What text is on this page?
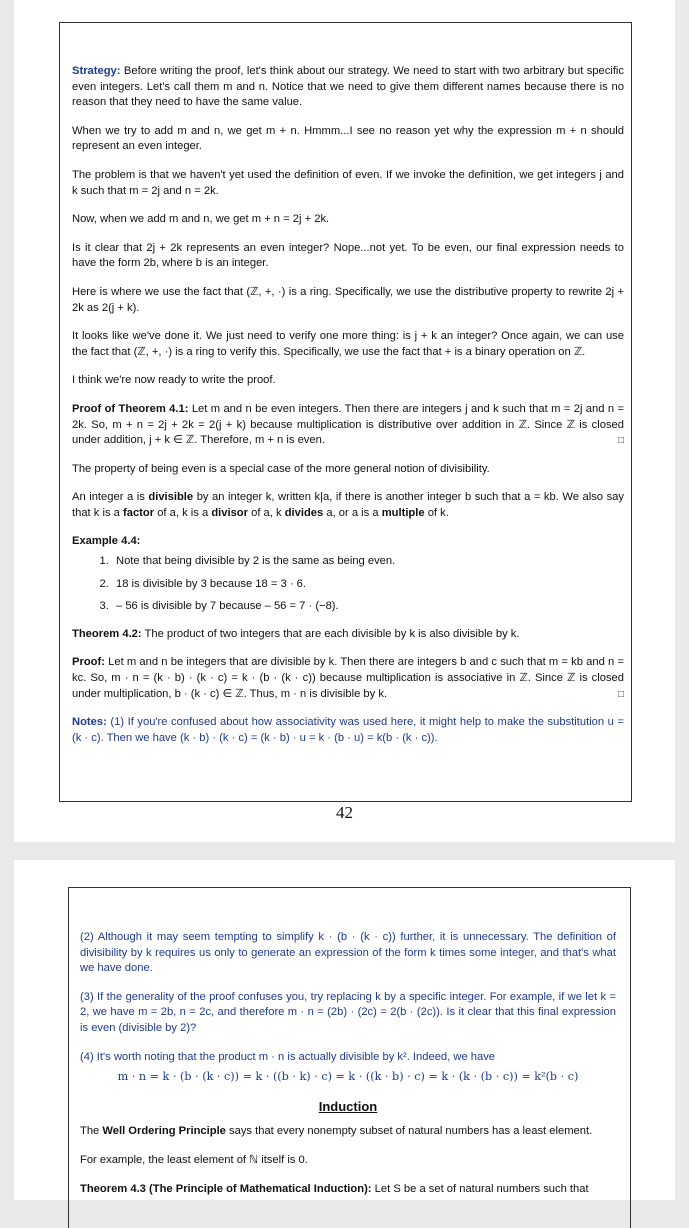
Strategy: Before writing the proof, let's think about our strategy. We need to start with two arbitrary but specific even integers. Let's call them m and n. Notice that we need to give them different names because there is no reason that they need to have the same value.

When we try to add m and n, we get m + n. Hmmm...I see no reason yet why the expression m + n should represent an even integer.

The problem is that we haven't yet used the definition of even. If we invoke the definition, we get integers j and k such that m = 2j and n = 2k.

Now, when we add m and n, we get m + n = 2j + 2k.

Is it clear that 2j + 2k represents an even integer? Nope...not yet. To be even, our final expression needs to have the form 2b, where b is an integer.

Here is where we use the fact that (ℤ, +, ·) is a ring. Specifically, we use the distributive property to rewrite 2j + 2k as 2(j + k).

It looks like we've done it. We just need to verify one more thing: is j + k an integer? Once again, we can use the fact that (ℤ, +, ·) is a ring to verify this. Specifically, we use the fact that + is a binary operation on ℤ.

I think we're now ready to write the proof.

Proof of Theorem 4.1: Let m and n be even integers. Then there are integers j and k such that m = 2j and n = 2k. So, m + n = 2j + 2k = 2(j + k) because multiplication is distributive over addition in ℤ. Since ℤ is closed under addition, j + k ∈ ℤ. Therefore, m + n is even.	□

The property of being even is a special case of the more general notion of divisibility.

An integer a is divisible by an integer k, written k|a, if there is another integer b such that a = kb. We also say that k is a factor of a, k is a divisor of a, k divides a, or a is a multiple of k.

Example 4.4:
1. Note that being divisible by 2 is the same as being even.
2. 18 is divisible by 3 because 18 = 3 · 6.
3. – 56 is divisible by 7 because – 56 = 7 · (−8).

Theorem 4.2: The product of two integers that are each divisible by k is also divisible by k.

Proof: Let m and n be integers that are divisible by k. Then there are integers b and c such that m = kb and n = kc. So, m · n = (k · b) · (k · c) = k · (b · (k · c)) because multiplication is associative in ℤ. Since ℤ is closed under multiplication, b · (k · c) ∈ ℤ. Thus, m · n is divisible by k.	□

Notes: (1) If you're confused about how associativity was used here, it might help to make the substitution u = (k · c). Then we have (k · b) · (k · c) = (k · b) · u = k · (b · u) = k(b · (k · c)).

42

(2) Although it may seem tempting to simplify k · (b · (k · c)) further, it is unnecessary. The definition of divisibility by k requires us only to generate an expression of the form k times some integer, and that's what we have done.

(3) If the generality of the proof confuses you, try replacing k by a specific integer. For example, if we let k = 2, we have m = 2b, n = 2c, and therefore m · n = (2b) · (2c) = 2(b · (2c)). Is it clear that this final expression is even (divisible by 2)?

(4) It's worth noting that the product m · n is actually divisible by k². Indeed, we have

m · n = k · (b · (k · c)) = k · ((b · k) · c) = k · ((k · b) · c) = k · (k · (b · c)) = k²(b · c)
Induction

The Well Ordering Principle says that every nonempty subset of natural numbers has a least element.

For example, the least element of ℕ itself is 0.

Theorem 4.3 (The Principle of Mathematical Induction): Let S be a set of natural numbers such that
